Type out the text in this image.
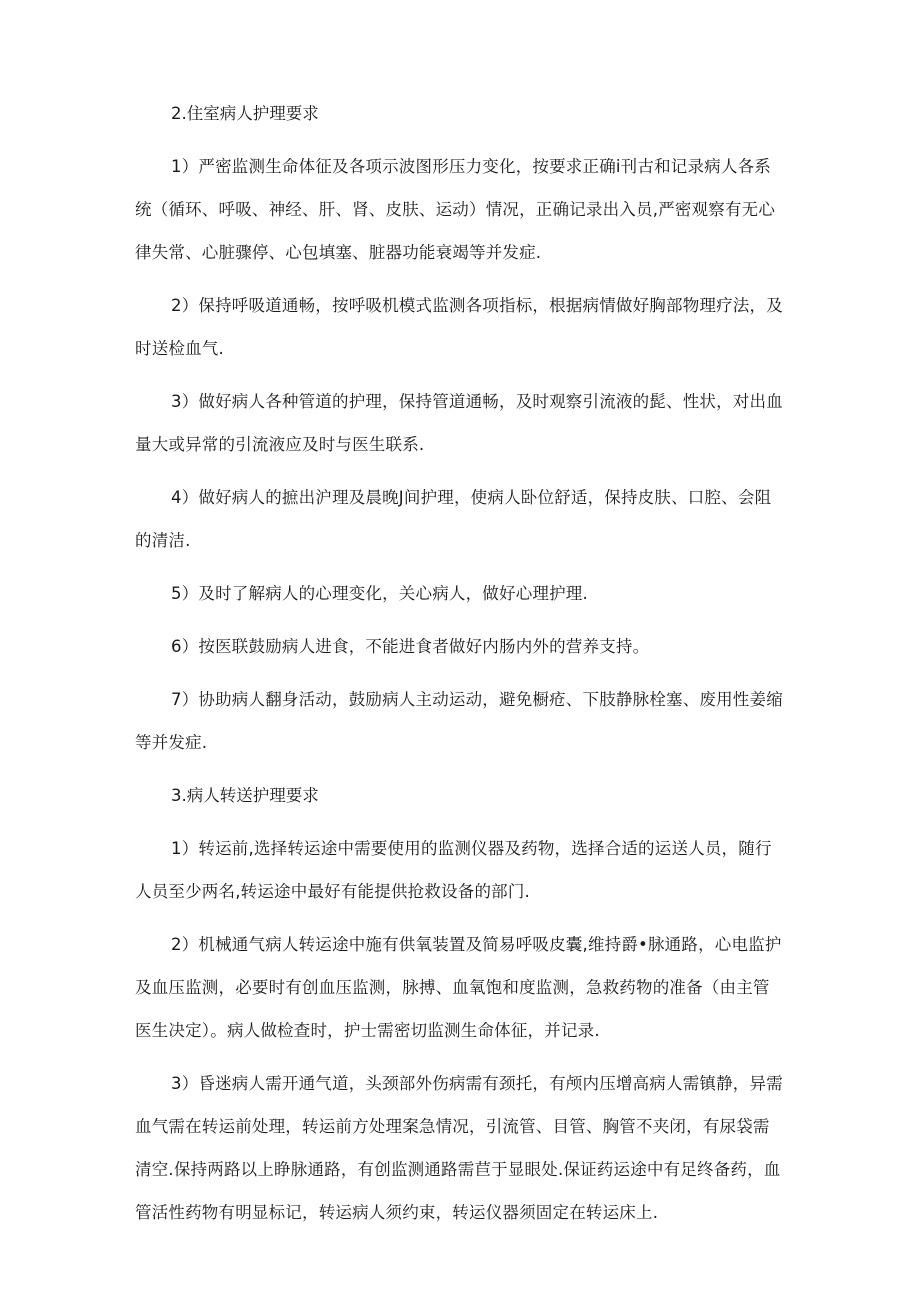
2.住室病人护理要求

1）严密监测生命体征及各项示波图形压力变化，按要求正确i刊古和记录病人各系统（循环、呼吸、神经、肝、肾、皮肤、运动）情况，正确记录出入员,严密观察有无心律失常、心脏骤停、心包填塞、脏器功能衰竭等并发症.

2）保持呼吸道通畅，按呼吸机模式监测各项指标，根据病情做好胸部物理疗法，及时送检血气.

3）做好病人各种管道的护理，保持管道通畅，及时观察引流液的髭、性状，对出血量大或异常的引流液应及时与医生联系.

4）做好病人的摭出沪理及晨晚J间护理，使病人卧位舒适，保持皮肤、口腔、会阻的清洁.

5）及时了解病人的心理变化，关心病人，做好心理护理.

6）按医联鼓励病人进食，不能进食者做好内肠内外的营养支持。

7）协助病人翻身活动，鼓励病人主动运动，避免橱疮、下肢静脉栓塞、废用性姜缩等并发症.

3.病人转送护理要求

1）转运前,选择转运途中需要使用的监测仪器及药物，选择合适的运送人员，随行人员至少两名,转运途中最好有能提供抢救设备的部门.

2）机械通气病人转运途中施有供氧装置及简易呼吸皮囊,维持爵•脉通路，心电监护及血压监测，必要时有创血压监测，脉搏、血氧饱和度监测，急救药物的准备（由主管医生决定）。病人做检查时，护士需密切监测生命体征，并记录.

3）昏迷病人需开通气道，头颈部外伤病需有颈托，有颅内压增高病人需镇静，异需血气需在转运前处理，转运前方处理案急情况，引流管、目管、胸管不夹闭，有尿袋需清空.保持两路以上睁脉通路，有创监测通路需苣于显眼处.保证药运途中有足终备药，血管活性药物有明显标记，转运病人须约束，转运仪器须固定在转运床上.
